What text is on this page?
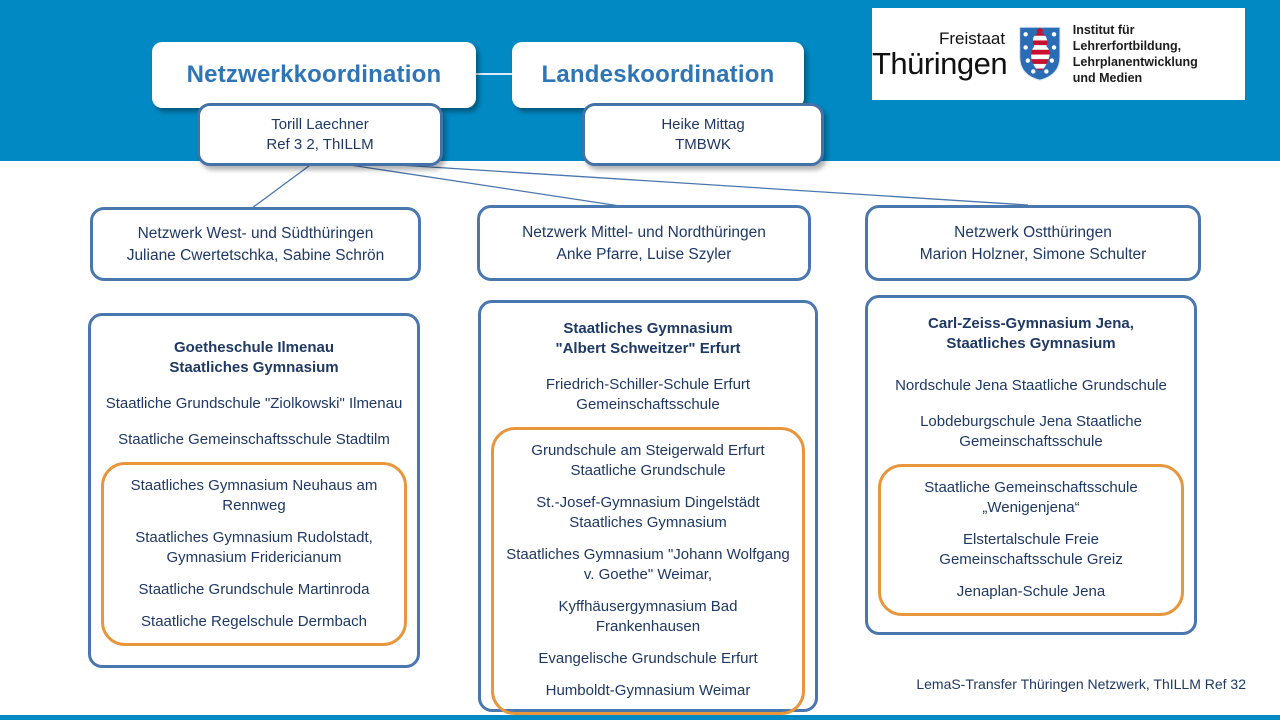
Netzwerkkoordination	Landeskoordination
Torill Laechner
Ref 3 2, ThILLM
Heike Mittag
TMBWK
Freistaat
Thüringen
Institut für Lehrerfortbildung,
Lehrplanentwicklung
und Medien
Netzwerk West- und Südthüringen
Juliane Cwertetschka, Sabine Schrön
Netzwerk Mittel- und Nordthüringen
Anke Pfarre, Luise Szyler
Netzwerk Ostthüringen
Marion Holzner, Simone Schulter
Goetheschule Ilmenau
Staatliches Gymnasium
Staatliche Grundschule "Ziolkowski" Ilmenau
Staatliche Gemeinschaftsschule Stadtilm
Staatliches Gymnasium Neuhaus am Rennweg
Staatliches Gymnasium Rudolstadt, Gymnasium Fridericianum
Staatliche Grundschule Martinroda
Staatliche Regelschule Dermbach
Staatliches Gymnasium
"Albert Schweitzer" Erfurt
Friedrich-Schiller-Schule Erfurt Gemeinschaftsschule
Grundschule am Steigerwald Erfurt Staatliche Grundschule
St.-Josef-Gymnasium Dingelstädt Staatliches Gymnasium
Staatliches Gymnasium "Johann Wolfgang v. Goethe" Weimar,
Kyffhäusergymnasium Bad Frankenhausen
Evangelische Grundschule Erfurt
Humboldt-Gymnasium Weimar
Carl-Zeiss-Gymnasium Jena,
Staatliches Gymnasium
Nordschule Jena Staatliche Grundschule
Lobdeburgschule Jena Staatliche Gemeinschaftsschule
Staatliche Gemeinschaftsschule „Wenigenjena“
Elstertalschule Freie Gemeinschaftsschule Greiz
Jenaplan-Schule Jena
LemaS-Transfer Thüringen Netzwerk, ThILLM Ref 32
